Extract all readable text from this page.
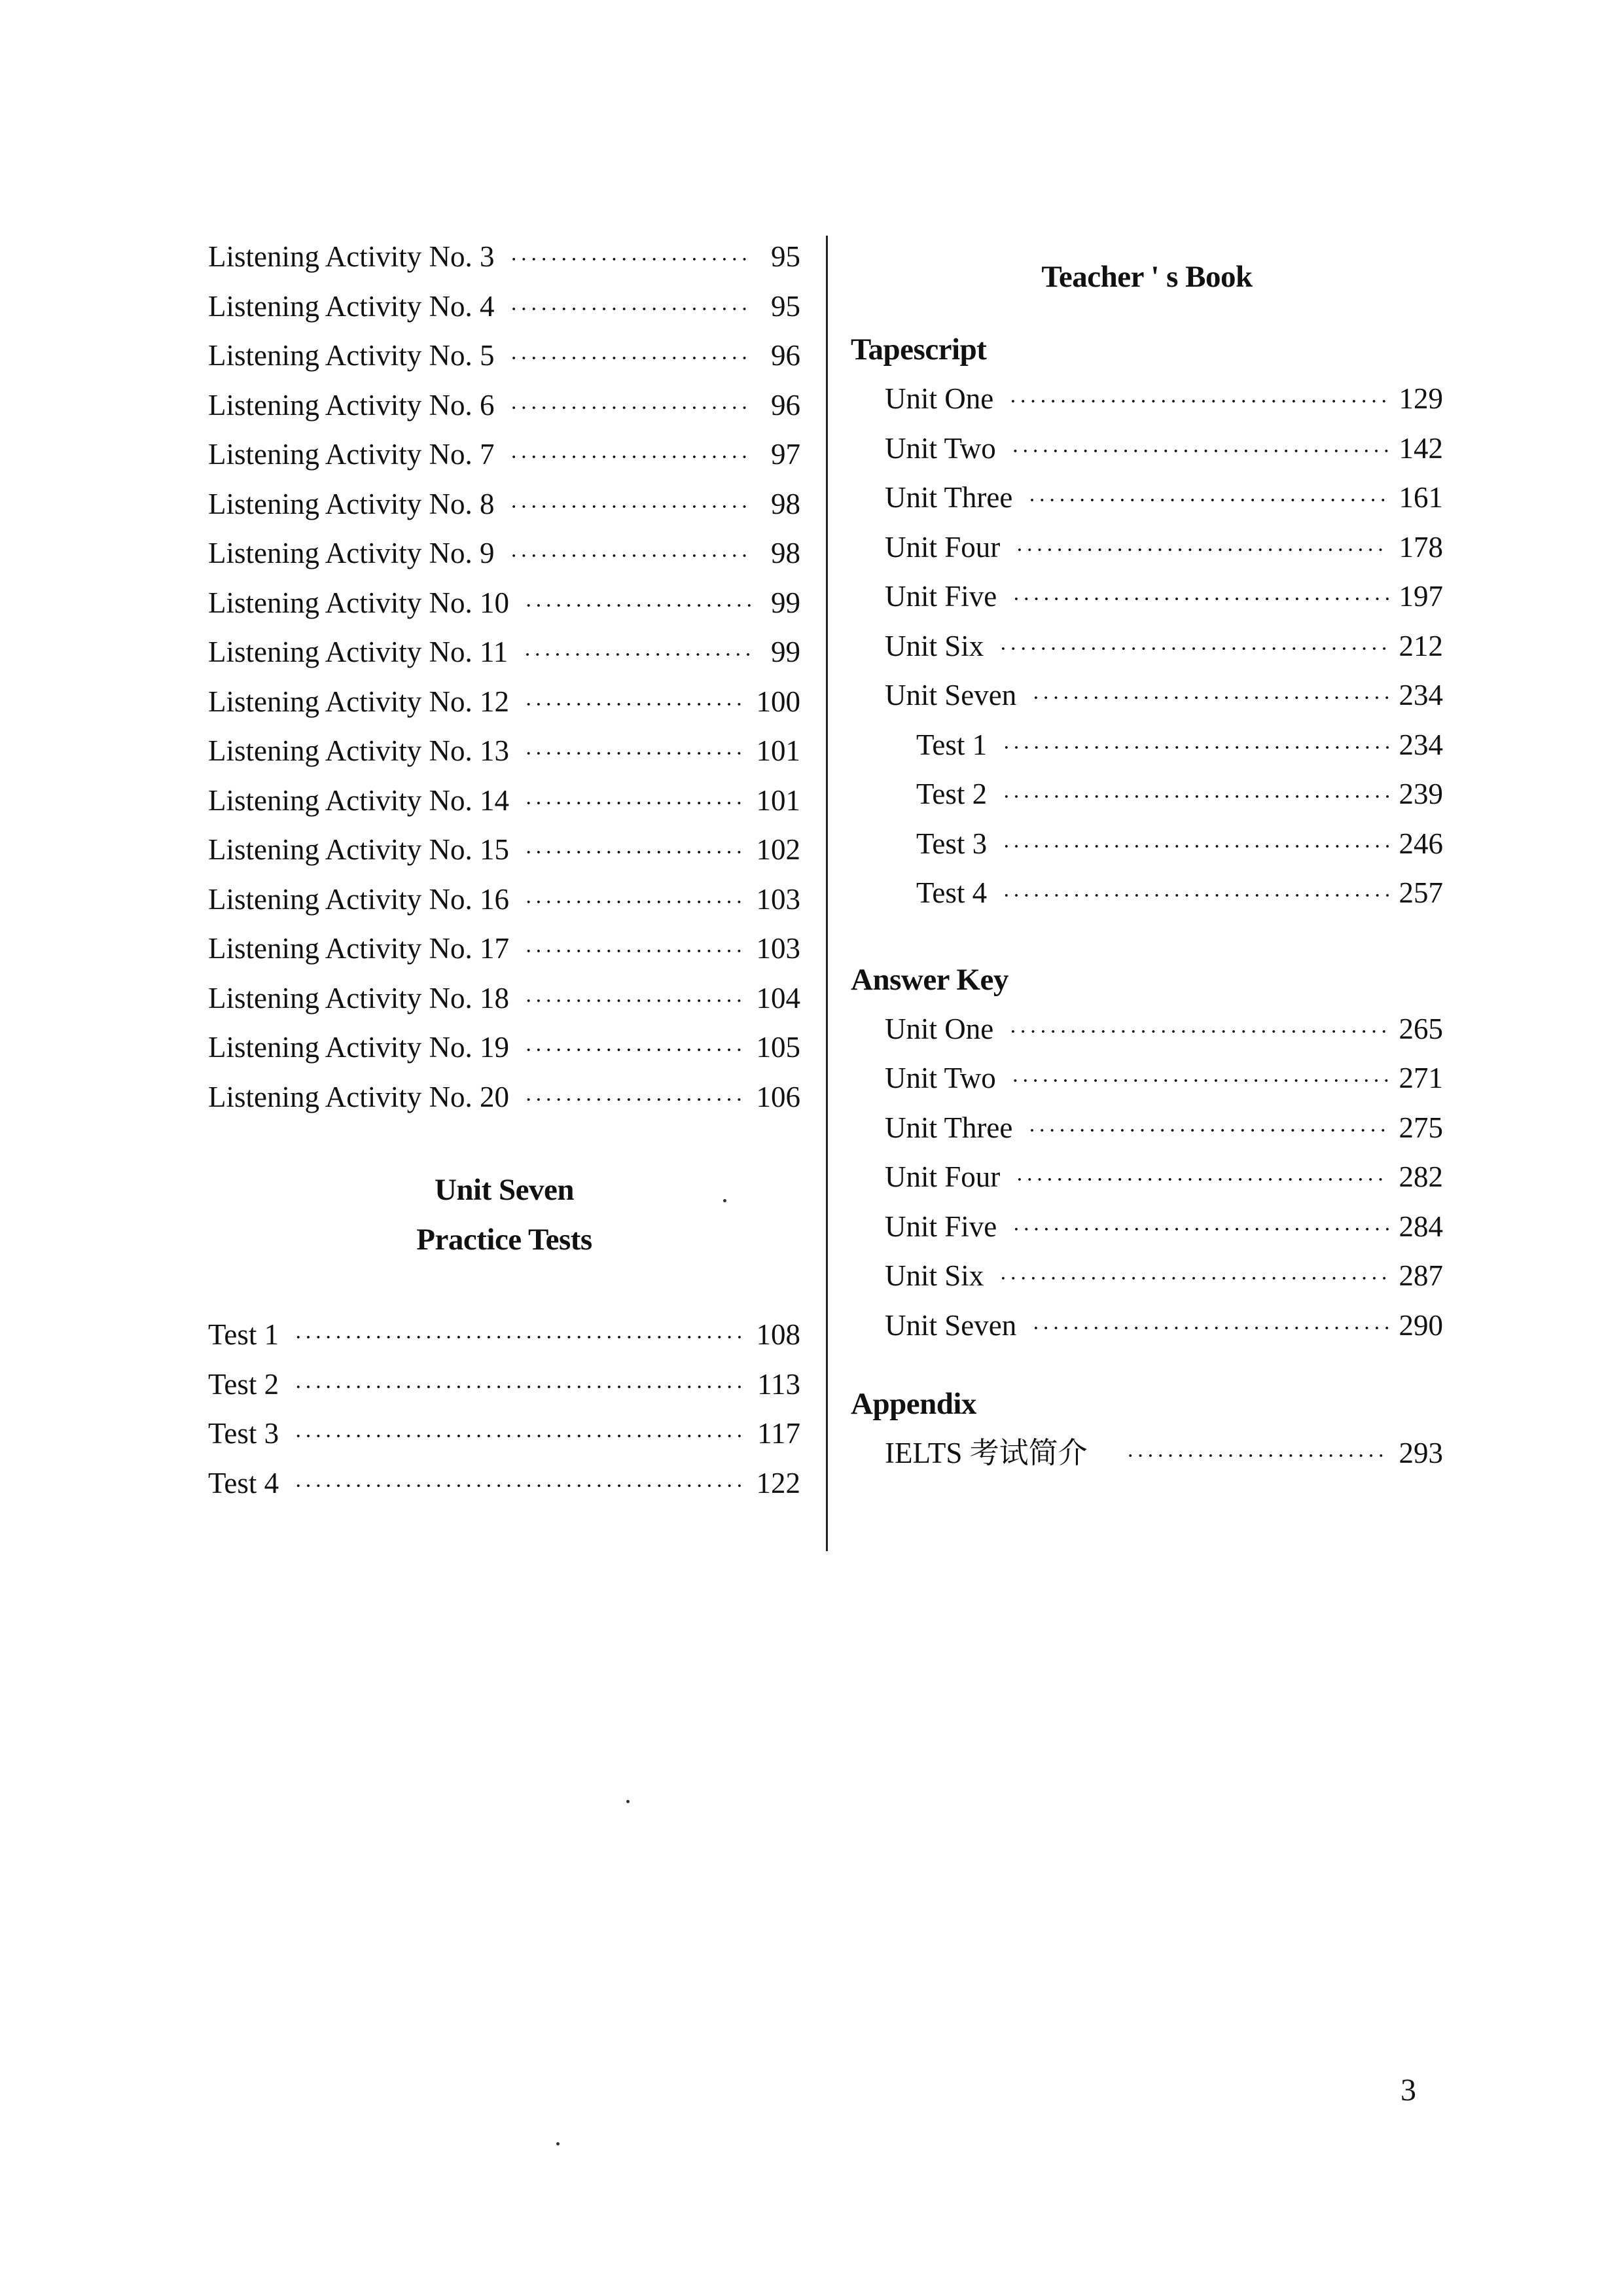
Listening Activity No. 3 ·····	95
Listening Activity No. 4 ·····	95
Listening Activity No. 5 ·····	96
Listening Activity No. 6 ·····	96
Listening Activity No. 7 ·····	97
Listening Activity No. 8 ·····	98
Listening Activity No. 9 ·····	98
Listening Activity No. 10 ·····	99
Listening Activity No. 11 ·····	99
Listening Activity No. 12 ·····	100
Listening Activity No. 13 ·····	101
Listening Activity No. 14 ·····	101
Listening Activity No. 15 ·····	102
Listening Activity No. 16 ·····	103
Listening Activity No. 17 ·····	103
Listening Activity No. 18 ·····	104
Listening Activity No. 19 ·····	105
Listening Activity No. 20 ·····	106
Unit Seven
Practice Tests
Test 1 ·····	108
Test 2 ·····	113
Test 3 ·····	117
Test 4 ·····	122
Teacher ' s Book
Tapescript
Unit One ·····	129
Unit Two ·····	142
Unit Three ·····	161
Unit Four ·····	178
Unit Five ·····	197
Unit Six ·····	212
Unit Seven ·····	234
Test 1 ·····	234
Test 2 ·····	239
Test 3 ·····	246
Test 4 ·····	257
Answer Key
Unit One ·····	265
Unit Two ·····	271
Unit Three ·····	275
Unit Four ·····	282
Unit Five ·····	284
Unit Six ·····	287
Unit Seven ·····	290
Appendix
IELTS 考试简介 ·····	293
3
